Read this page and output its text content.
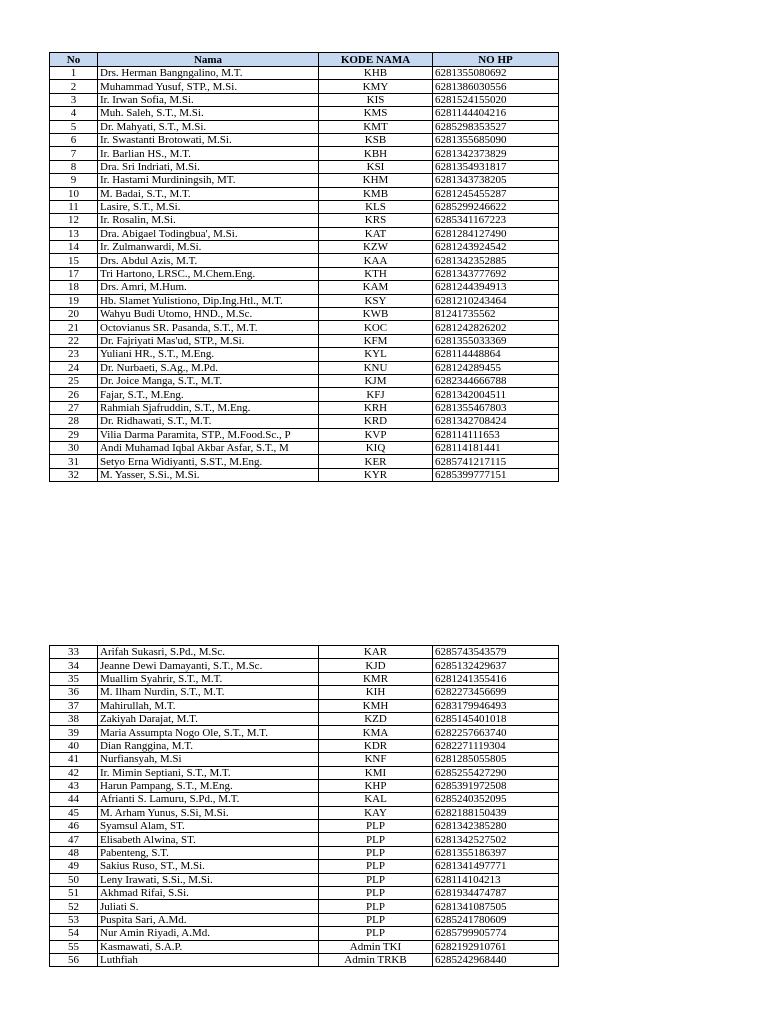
No	Nama	KODE NAMA	NO HP
1	Drs. Herman Bangngalino, M.T.	KHB	6281355080692
2	Muhammad Yusuf, STP., M.Si.	KMY	6281386030556
3	Ir. Irwan Sofia, M.Si.	KIS	6281524155020
4	Muh. Saleh, S.T., M.Si.	KMS	6281144404216
5	Dr. Mahyati, S.T., M.Si.	KMT	6285298353527
6	Ir. Swastanti Brotowati, M.Si.	KSB	6281355685090
7	Ir. Barlian HS., M.T.	KBH	6281342373829
8	Dra. Sri Indriati, M.Si.	KSI	6281354931817
9	Ir. Hastami Murdiningsih, MT.	KHM	6281343738205
10	M. Badai, S.T., M.T.	KMB	6281245455287
11	Lasire, S.T., M.Si.	KLS	6285299246622
12	Ir. Rosalin, M.Si.	KRS	6285341167223
13	Dra. Abigael Todingbua', M.Si.	KAT	6281284127490
14	Ir. Zulmanwardi, M.Si.	KZW	6281243924542
15	Drs. Abdul Azis, M.T.	KAA	6281342352885
17	Tri Hartono, LRSC., M.Chem.Eng.	KTH	6281343777692
18	Drs. Amri, M.Hum.	KAM	6281244394913
19	Hb. Slamet Yulistiono, Dip.Ing.Htl., M.T.	KSY	6281210243464
20	Wahyu Budi Utomo, HND., M.Sc.	KWB	81241735562
21	Octovianus SR. Pasanda, S.T., M.T.	KOC	6281242826202
22	Dr. Fajriyati Mas'ud, STP., M.Si.	KFM	6281355033369
23	Yuliani HR., S.T., M.Eng.	KYL	628114448864
24	Dr. Nurbaeti, S.Ag., M.Pd.	KNU	628124289455
25	Dr. Joice Manga, S.T., M.T.	KJM	6282344666788
26	Fajar, S.T., M.Eng.	KFJ	6281342004511
27	Rahmiah Sjafruddin, S.T., M.Eng.	KRH	6281355467803
28	Dr. Ridhawati, S.T., M.T.	KRD	6281342708424
29	Vilia Darma Paramita, STP., M.Food.Sc., P	KVP	628114111653
30	Andi Muhamad Iqbal Akbar Asfar, S.T., M	KIQ	628114181441
31	Setyo Erna Widiyanti, S.ST., M.Eng.	KER	6285741217115
32	M. Yasser, S.Si., M.Si.	KYR	6285399777151
33	Arifah Sukasri, S.Pd., M.Sc.	KAR	6285743543579
34	Jeanne Dewi Damayanti, S.T., M.Sc.	KJD	6285132429637
35	Muallim Syahrir, S.T., M.T.	KMR	6281241355416
36	M. Ilham Nurdin, S.T., M.T.	KIH	6282273456699
37	Mahirullah, M.T.	KMH	6283179946493
38	Zakiyah Darajat, M.T.	KZD	6285145401018
39	Maria Assumpta Nogo Ole, S.T., M.T.	KMA	6282257663740
40	Dian Ranggina, M.T.	KDR	6282271119304
41	Nurfiansyah, M.Si	KNF	6281285055805
42	Ir. Mimin Septiani, S.T., M.T.	KMI	6285255427290
43	Harun Pampang, S.T., M.Eng.	KHP	6285391972508
44	Afrianti S. Lamuru, S.Pd., M.T.	KAL	6285240352095
45	M. Arham Yunus, S.Si, M.Si.	KAY	6282188150439
46	Syamsul Alam, ST.	PLP	6281342385280
47	Elisabeth Alwina, ST.	PLP	6281342527502
48	Pabenteng, S.T.	PLP	6281355186397
49	Sakius Ruso, ST., M.Si.	PLP	6281341497771
50	Leny Irawati, S.Si., M.Si.	PLP	628114104213
51	Akhmad Rifai, S.Si.	PLP	6281934474787
52	Juliati S.	PLP	6281341087505
53	Puspita Sari, A.Md.	PLP	6285241780609
54	Nur Amin Riyadi, A.Md.	PLP	6285799905774
55	Kasmawati, S.A.P.	Admin TKI	6282192910761
56	Luthfiah	Admin TRKB	6285242968440
